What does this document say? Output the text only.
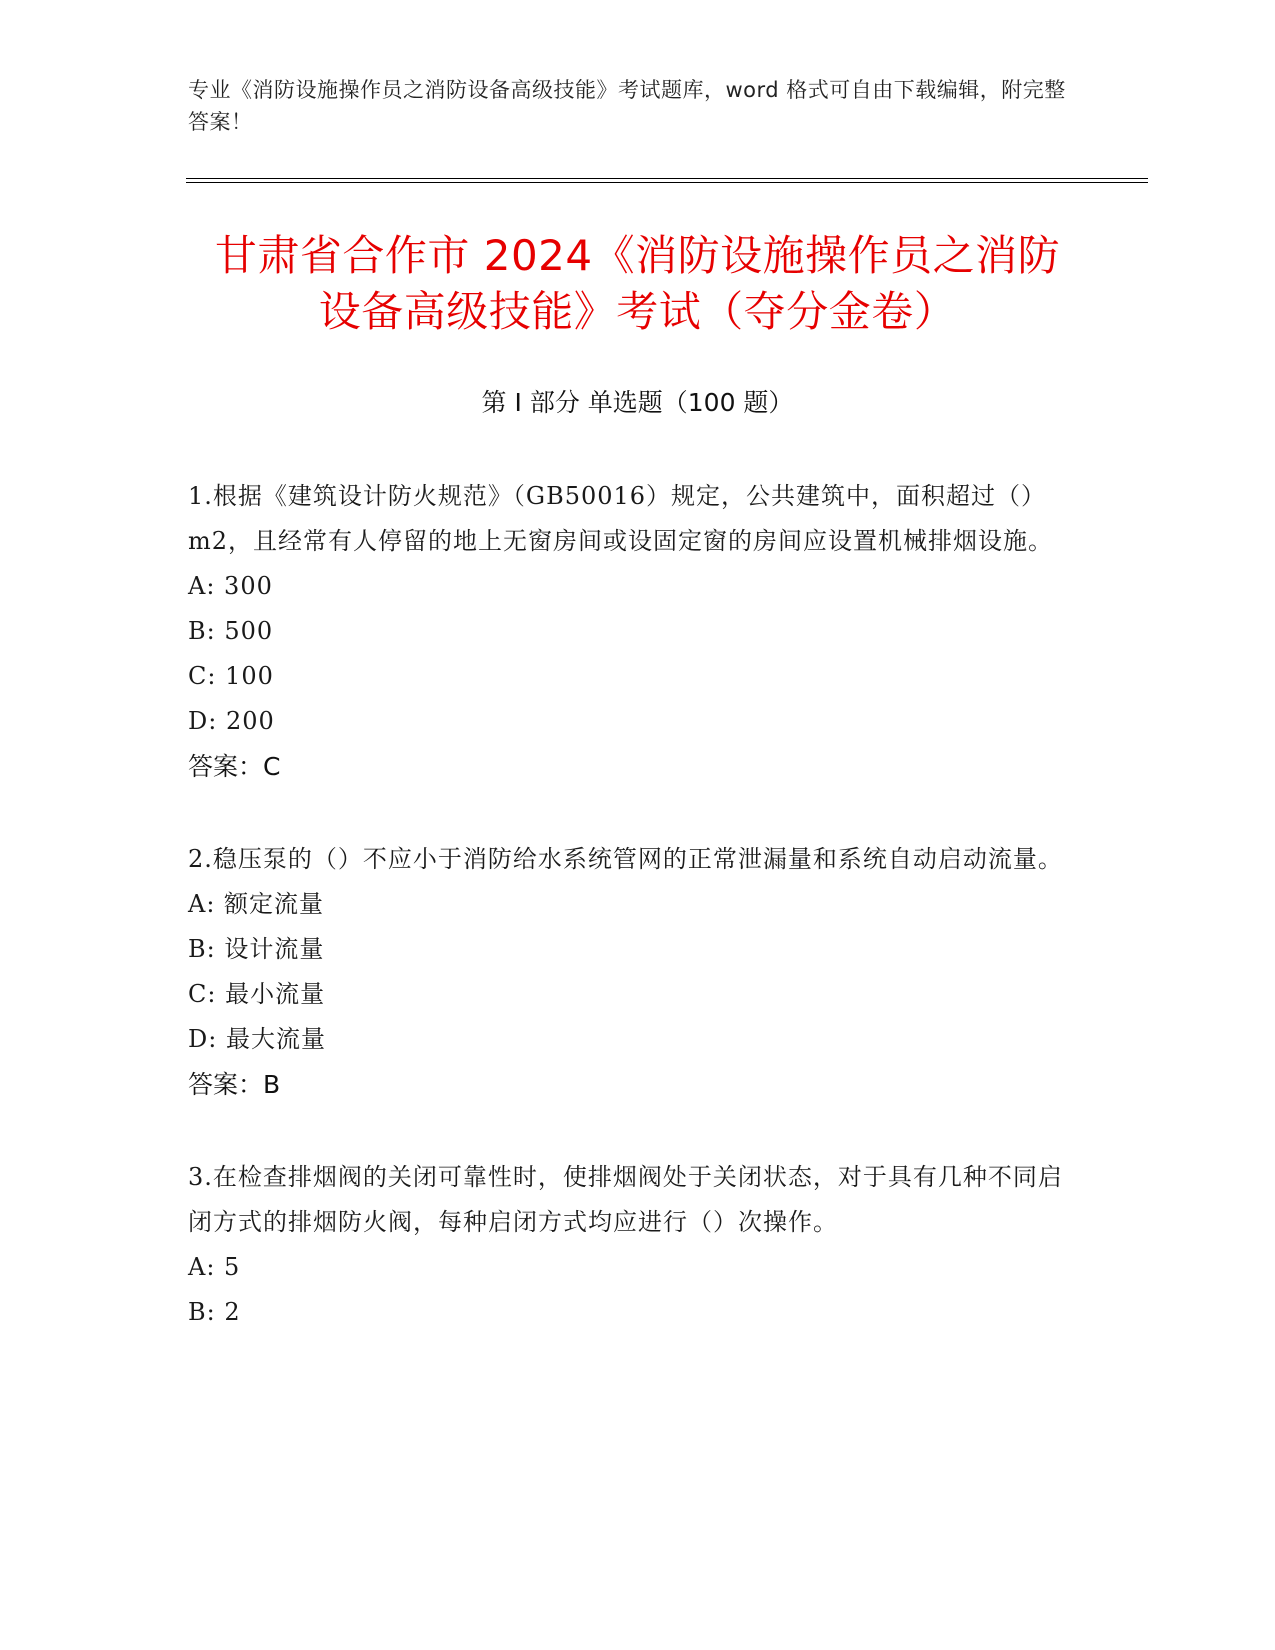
专业《消防设施操作员之消防设备高级技能》考试题库，word 格式可自由下载编辑，附完整答案！
甘肃省合作市 2024《消防设施操作员之消防
设备高级技能》考试（夺分金卷）
第 I 部分 单选题（100 题）
1.根据《建筑设计防火规范》（GB50016）规定，公共建筑中，面积超过（）m2，且经常有人停留的地上无窗房间或设固定窗的房间应设置机械排烟设施。
A: 300
B: 500
C: 100
D: 200
答案：C
2.稳压泵的（）不应小于消防给水系统管网的正常泄漏量和系统自动启动流量。
A: 额定流量
B: 设计流量
C: 最小流量
D: 最大流量
答案：B
3.在检查排烟阀的关闭可靠性时，使排烟阀处于关闭状态，对于具有几种不同启闭方式的排烟防火阀，每种启闭方式均应进行（）次操作。
A: 5
B: 2
